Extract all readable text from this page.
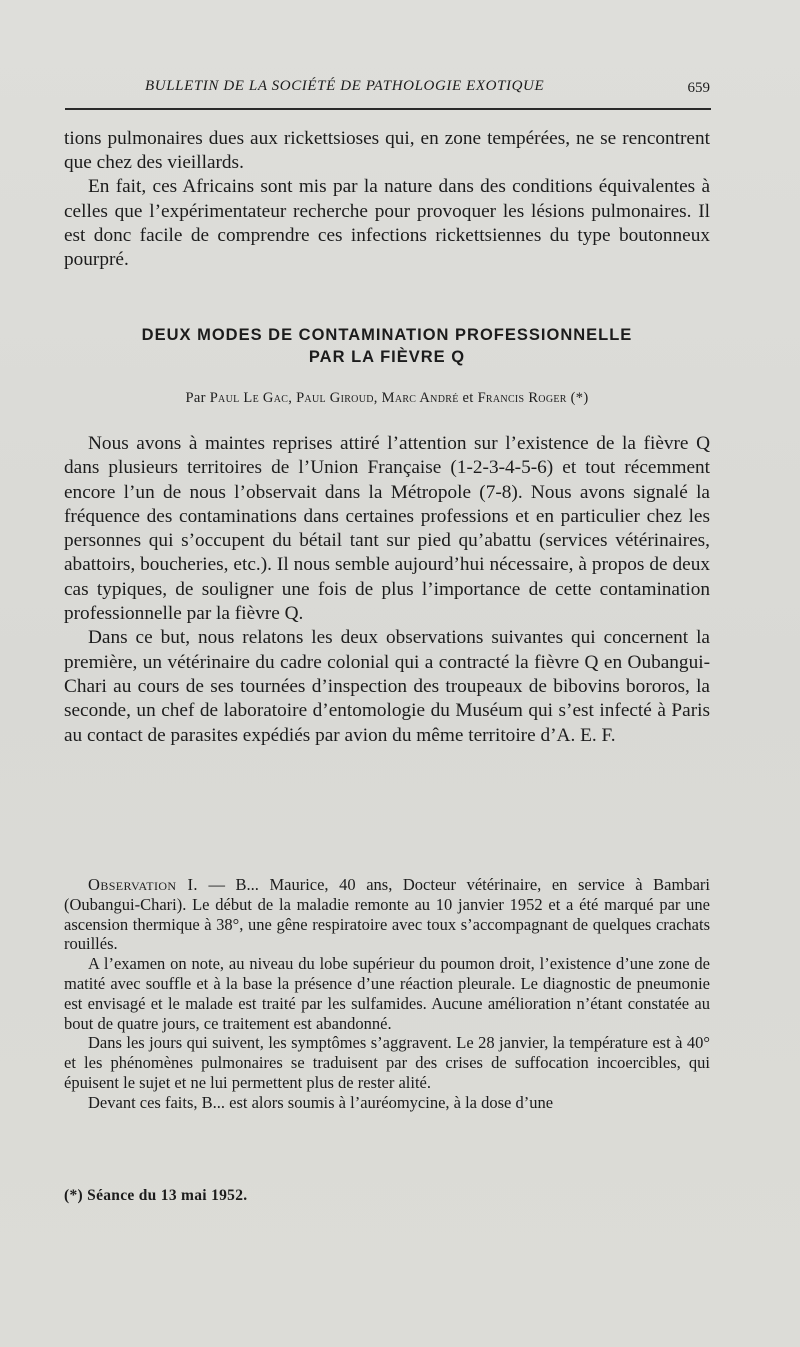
BULLETIN DE LA SOCIÉTÉ DE PATHOLOGIE EXOTIQUE	659

tions pulmonaires dues aux rickettsioses qui, en zone tempérées, ne se rencontrent que chez des vieillards.

En fait, ces Africains sont mis par la nature dans des conditions équivalentes à celles que l’expérimentateur recherche pour provoquer les lésions pulmonaires. Il est donc facile de comprendre ces infections rickettsiennes du type boutonneux pourpré.

DEUX MODES DE CONTAMINATION PROFESSIONNELLE
PAR LA FIÈVRE Q
Par Paul Le Gac, Paul Giroud, Marc André et Francis Roger (*)

Nous avons à maintes reprises attiré l’attention sur l’existence de la fièvre Q dans plusieurs territoires de l’Union Française (1-2-3-4-5-6) et tout récemment encore l’un de nous l’observait dans la Métropole (7-8). Nous avons signalé la fréquence des contaminations dans certaines professions et en particulier chez les personnes qui s’occupent du bétail tant sur pied qu’abattu (services vétérinaires, abattoirs, boucheries, etc.). Il nous semble aujourd’hui nécessaire, à propos de deux cas typiques, de souligner une fois de plus l’importance de cette contamination professionnelle par la fièvre Q.

Dans ce but, nous relatons les deux observations suivantes qui concernent la première, un vétérinaire du cadre colonial qui a contracté la fièvre Q en Oubangui-Chari au cours de ses tournées d’inspection des troupeaux de bibovins bororos, la seconde, un chef de laboratoire d’entomologie du Muséum qui s’est infecté à Paris au contact de parasites expédiés par avion du même territoire d’A. E. F.

Observation I. — B... Maurice, 40 ans, Docteur vétérinaire, en service à Bambari (Oubangui-Chari). Le début de la maladie remonte au 10 janvier 1952 et a été marqué par une ascension thermique à 38°, une gêne respiratoire avec toux s’accompagnant de quelques crachats rouillés.

A l’examen on note, au niveau du lobe supérieur du poumon droit, l’existence d’une zone de matité avec souffle et à la base la présence d’une réaction pleurale. Le diagnostic de pneumonie est envisagé et le malade est traité par les sulfamides. Aucune amélioration n’étant constatée au bout de quatre jours, ce traitement est abandonné.

Dans les jours qui suivent, les symptômes s’aggravent. Le 28 janvier, la température est à 40° et les phénomènes pulmonaires se traduisent par des crises de suffocation incoercibles, qui épuisent le sujet et ne lui permettent plus de rester alité.

Devant ces faits, B... est alors soumis à l’auréomycine, à la dose d’une

(*) Séance du 13 mai 1952.
